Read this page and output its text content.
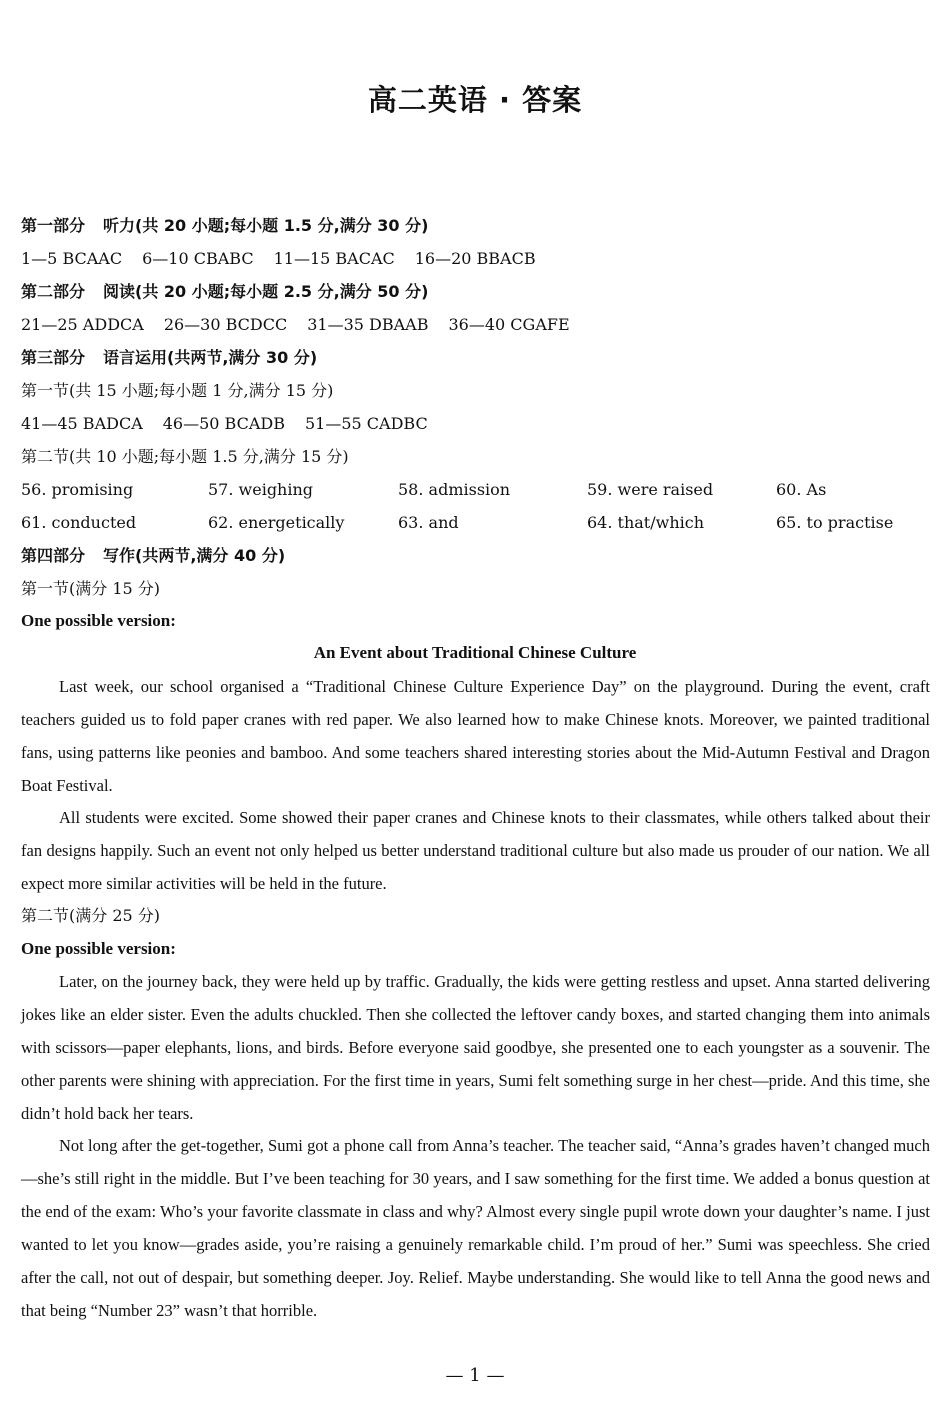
高二英语 · 答案
第一部分 听力(共 20 小题;每小题 1.5 分,满分 30 分)
1—5 BCAAC 6—10 CBABC 11—15 BACAC 16—20 BBACB
第二部分 阅读(共 20 小题;每小题 2.5 分,满分 50 分)
21—25 ADDCA 26—30 BCDCC 31—35 DBAAB 36—40 CGAFE
第三部分 语言运用(共两节,满分 30 分)
第一节(共 15 小题;每小题 1 分,满分 15 分)
41—45 BADCA 46—50 BCADB 51—55 CADBC
第二节(共 10 小题;每小题 1.5 分,满分 15 分)
56. promising	57. weighing	58. admission	59. were raised	60. As
61. conducted	62. energetically	63. and	64. that/which	65. to practise
第四部分 写作(共两节,满分 40 分)
第一节(满分 15 分)
One possible version:
An Event about Traditional Chinese Culture

Last week, our school organised a “Traditional Chinese Culture Experience Day” on the playground. During the event, craft teachers guided us to fold paper cranes with red paper. We also learned how to make Chinese knots. Moreover, we painted traditional fans, using patterns like peonies and bamboo. And some teachers shared interesting stories about the Mid-Autumn Festival and Dragon Boat Festival.

All students were excited. Some showed their paper cranes and Chinese knots to their classmates, while others talked about their fan designs happily. Such an event not only helped us better understand traditional culture but also made us prouder of our nation. We all expect more similar activities will be held in the future.

第二节(满分 25 分)
One possible version:

Later, on the journey back, they were held up by traffic. Gradually, the kids were getting restless and upset. Anna started delivering jokes like an elder sister. Even the adults chuckled. Then she collected the leftover candy boxes, and started changing them into animals with scissors—paper elephants, lions, and birds. Before everyone said goodbye, she presented one to each youngster as a souvenir. The other parents were shining with appreciation. For the first time in years, Sumi felt something surge in her chest—pride. And this time, she didn’t hold back her tears.

Not long after the get-together, Sumi got a phone call from Anna’s teacher. The teacher said, “Anna’s grades haven’t changed much—she’s still right in the middle. But I’ve been teaching for 30 years, and I saw something for the first time. We added a bonus question at the end of the exam: Who’s your favorite classmate in class and why? Almost every single pupil wrote down your daughter’s name. I just wanted to let you know—grades aside, you’re raising a genuinely remarkable child. I’m proud of her.” Sumi was speechless. She cried after the call, not out of despair, but something deeper. Joy. Relief. Maybe understanding. She would like to tell Anna the good news and that being “Number 23” wasn’t that horrible.

— 1 —
